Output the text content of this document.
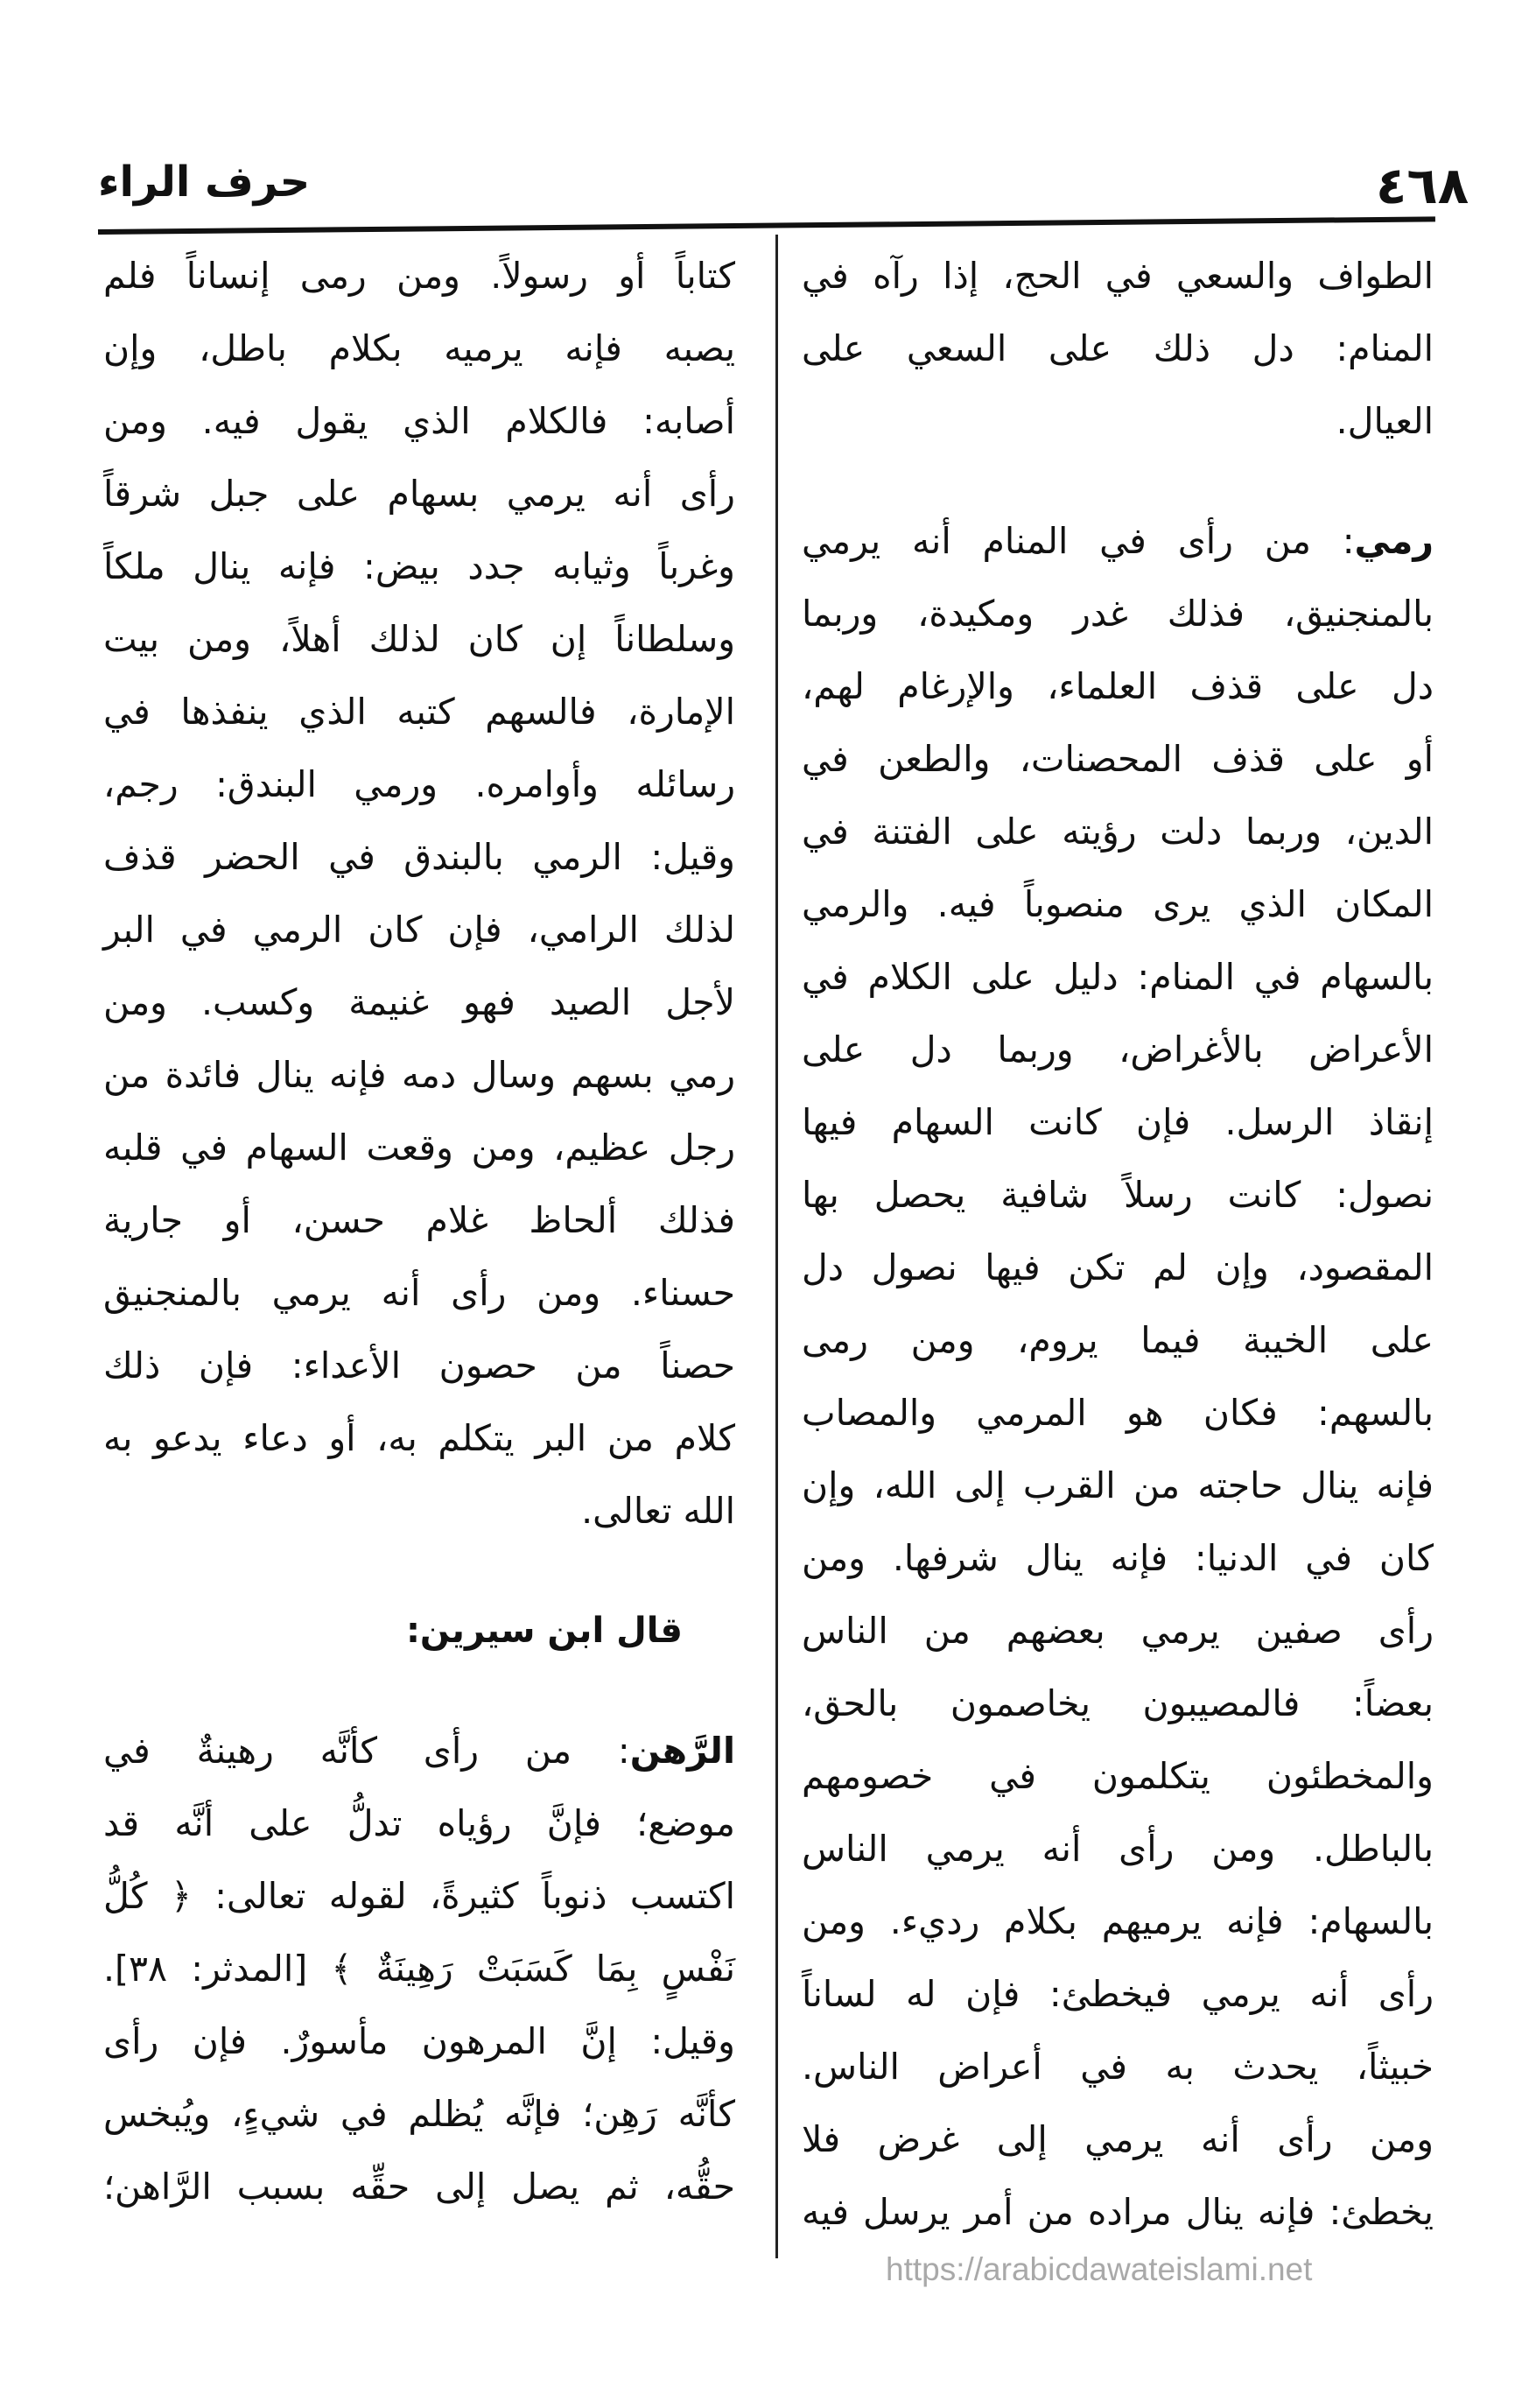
٤٦٨
حرف الراء
الطواف والسعي في الحج، إذا رآه في
المنام: دل ذلك على السعي على
العيال.
رمي: من رأى في المنام أنه يرمي
بالمنجنيق، فذلك غدر ومكيدة، وربما
دل على قذف العلماء، والإرغام لهم،
أو على قذف المحصنات، والطعن في
الدين، وربما دلت رؤيته على الفتنة في
المكان الذي يرى منصوباً فيه. والرمي
بالسهام في المنام: دليل على الكلام في
الأعراض بالأغراض، وربما دل على
إنقاذ الرسل. فإن كانت السهام فيها
نصول: كانت رسلاً شافية يحصل بها
المقصود، وإن لم تكن فيها نصول دل
على الخيبة فيما يروم، ومن رمى
بالسهم: فكان هو المرمي والمصاب
فإنه ينال حاجته من القرب إلى الله، وإن
كان في الدنيا: فإنه ينال شرفها. ومن
رأى صفين يرمي بعضهم من الناس
بعضاً: فالمصيبون يخاصمون بالحق،
والمخطئون يتكلمون في خصومهم
بالباطل. ومن رأى أنه يرمي الناس
بالسهام: فإنه يرميهم بكلام رديء. ومن
رأى أنه يرمي فيخطئ: فإن له لساناً
خبيثاً، يحدث به في أعراض الناس.
ومن رأى أنه يرمي إلى غرض فلا
يخطئ: فإنه ينال مراده من أمر يرسل فيه
كتاباً أو رسولاً. ومن رمى إنساناً فلم
يصبه فإنه يرميه بكلام باطل، وإن
أصابه: فالكلام الذي يقول فيه. ومن
رأى أنه يرمي بسهام على جبل شرقاً
وغرباً وثيابه جدد بيض: فإنه ينال ملكاً
وسلطاناً إن كان لذلك أهلاً، ومن بيت
الإمارة، فالسهم كتبه الذي ينفذها في
رسائله وأوامره. ورمي البندق: رجم،
وقيل: الرمي بالبندق في الحضر قذف
لذلك الرامي، فإن كان الرمي في البر
لأجل الصيد فهو غنيمة وكسب. ومن
رمي بسهم وسال دمه فإنه ينال فائدة من
رجل عظيم، ومن وقعت السهام في قلبه
فذلك ألحاظ غلام حسن، أو جارية
حسناء. ومن رأى أنه يرمي بالمنجنيق
حصناً من حصون الأعداء: فإن ذلك
كلام من البر يتكلم به، أو دعاء يدعو به
الله تعالى.
قال ابن سيرين:
الرَّهن: من رأى كأنَّه رهينةٌ في
موضع؛ فإنَّ رؤياه تدلُّ على أنَّه قد
اكتسب ذنوباً كثيرةً، لقوله تعالى: ﴿ كُلُّ
نَفْسٍ بِمَا كَسَبَتْ رَهِينَةٌ ﴾ [المدثر: ٣٨].
وقيل: إنَّ المرهون مأسورٌ. فإن رأى
كأنَّه رَهِن؛ فإنَّه يُظلم في شيءٍ، ويُبخس
حقُّه، ثم يصل إلى حقِّه بسبب الرَّاهن؛
https://arabicdawateislami.net
